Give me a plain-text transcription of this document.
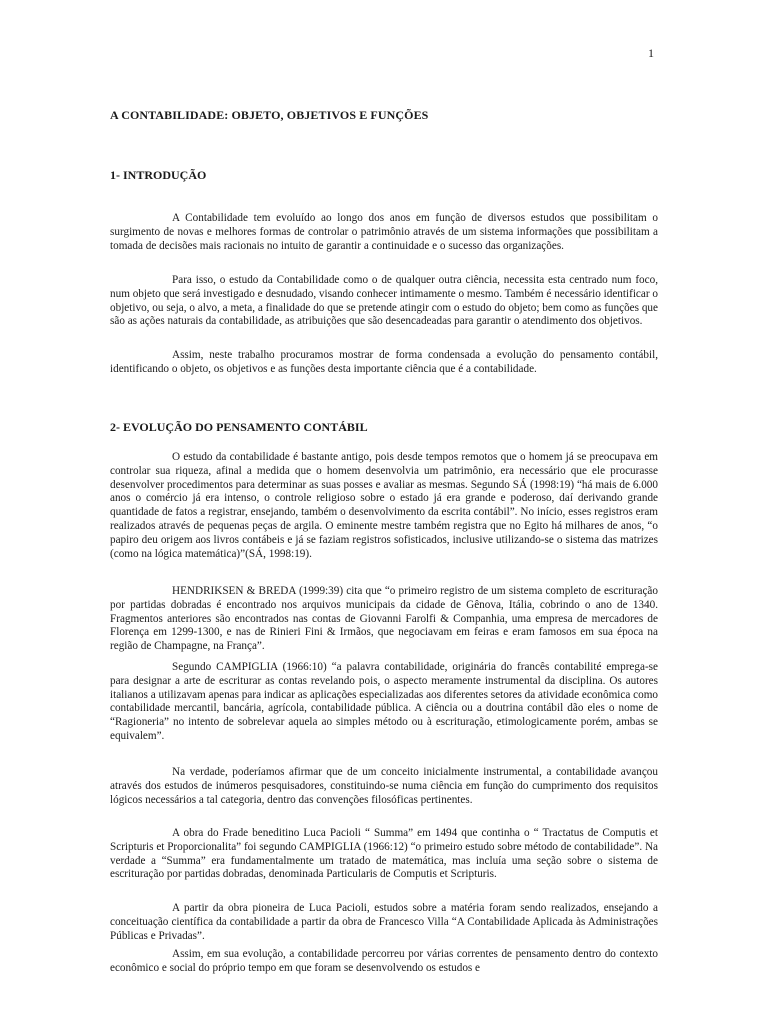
1
A CONTABILIDADE: OBJETO, OBJETIVOS E FUNÇÕES
1- INTRODUÇÃO

A Contabilidade tem evoluído ao longo dos anos em função de diversos estudos que possibilitam o surgimento de novas e melhores formas de controlar o patrimônio através de um sistema informações que possibilitam a tomada de decisões mais racionais no intuito de garantir a continuidade e o sucesso das organizações.

Para isso, o estudo da Contabilidade como o de qualquer outra ciência, necessita esta centrado num foco, num objeto que será investigado e desnudado, visando conhecer intimamente o mesmo. Também é necessário identificar o objetivo, ou seja, o alvo, a meta, a finalidade do que se pretende atingir com o estudo do objeto; bem como as funções que são as ações naturais da contabilidade, as atribuições que são desencadeadas para garantir o atendimento dos objetivos.

Assim, neste trabalho procuramos mostrar de forma condensada a evolução do pensamento contábil, identificando o objeto, os objetivos e as funções desta importante ciência que é a contabilidade.

2- EVOLUÇÃO DO PENSAMENTO CONTÁBIL

O estudo da contabilidade é bastante antigo, pois desde tempos remotos que o homem já se preocupava em controlar sua riqueza, afinal a medida que o homem desenvolvia um patrimônio, era necessário que ele procurasse desenvolver procedimentos para determinar as suas posses e avaliar as mesmas. Segundo SÁ (1998:19) “há mais de 6.000 anos o comércio já era intenso, o controle religioso sobre o estado já era grande e poderoso, daí derivando grande quantidade de fatos a registrar, ensejando, também o desenvolvimento da escrita contábil”. No início, esses registros eram realizados através de pequenas peças de argila. O eminente mestre também registra que no Egito há milhares de anos, “o papiro deu origem aos livros contábeis e já se faziam registros sofisticados, inclusive utilizando-se o sistema das matrizes (como na lógica matemática)”(SÁ, 1998:19).

HENDRIKSEN & BREDA (1999:39) cita que “o primeiro registro de um sistema completo de escrituração por partidas dobradas é encontrado nos arquivos municipais da cidade de Gênova, Itália, cobrindo o ano de 1340. Fragmentos anteriores são encontrados nas contas de Giovanni Farolfi & Companhia, uma empresa de mercadores de Florença em 1299-1300, e nas de Rinieri Fini & Irmãos, que negociavam em feiras e eram famosos em sua época na região de Champagne, na França”.

Segundo CAMPIGLIA (1966:10) “a palavra contabilidade, originária do francês contabilité emprega-se para designar a arte de escriturar as contas revelando pois, o aspecto meramente instrumental da disciplina. Os autores italianos a utilizavam apenas para indicar as aplicações especializadas aos diferentes setores da atividade econômica como contabilidade mercantil, bancária, agrícola, contabilidade pública. A ciência ou a doutrina contábil dão eles o nome de “Ragioneria” no intento de sobrelevar aquela ao simples método ou à escrituração, etimologicamente porém, ambas se equivalem”.

Na verdade, poderíamos afirmar que de um conceito inicialmente instrumental, a contabilidade avançou através dos estudos de inúmeros pesquisadores, constituindo-se numa ciência em função do cumprimento dos requisitos lógicos necessários a tal categoria, dentro das convenções filosóficas pertinentes.

A obra do Frade beneditino Luca Pacioli “ Summa” em 1494 que continha o “ Tractatus de Computis et Scripturis et Proporcionalita” foi segundo CAMPIGLIA (1966:12) “o primeiro estudo sobre método de contabilidade”. Na verdade a “Summa” era fundamentalmente um tratado de matemática, mas incluía uma seção sobre o sistema de escrituração por partidas dobradas, denominada Particularis de Computis et Scripturis.

A partir da obra pioneira de Luca Pacioli, estudos sobre a matéria foram sendo realizados, ensejando a conceituação científica da contabilidade a partir da obra de Francesco Villa “A Contabilidade Aplicada às Administrações Públicas e Privadas”.

Assim, em sua evolução, a contabilidade percorreu por várias correntes de pensamento dentro do contexto econômico e social do próprio tempo em que foram se desenvolvendo os estudos e
